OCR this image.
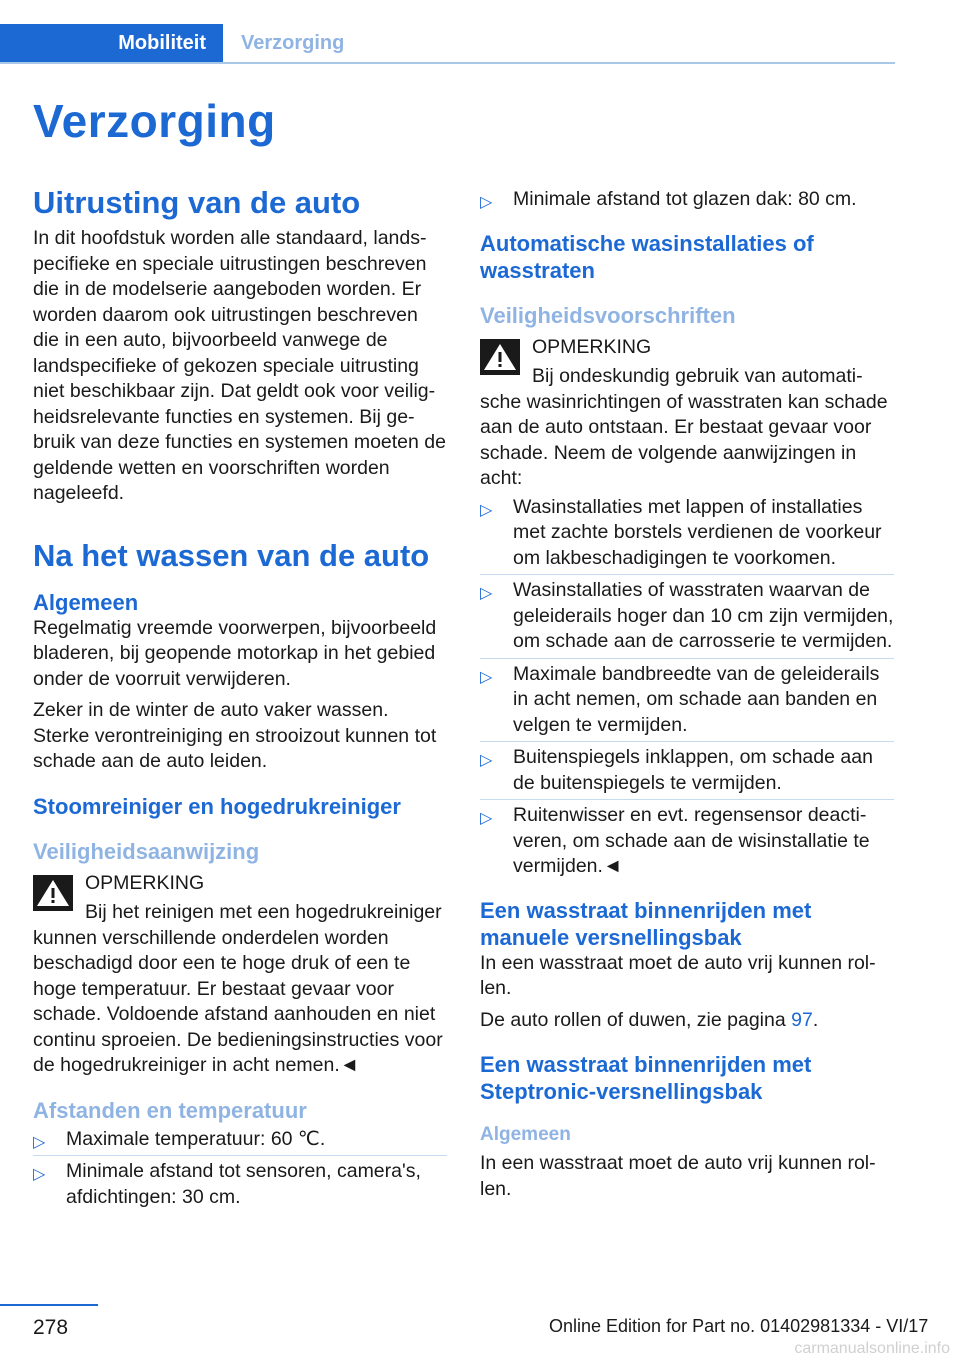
Mobiliteit	Verzorging
Verzorging
Uitrusting van de auto

In dit hoofdstuk worden alle standaard, landspecifieke en speciale uitrustingen beschreven die in de modelserie aangeboden worden. Er worden daarom ook uitrustingen beschreven die in een auto, bijvoorbeeld vanwege de landspecifieke of gekozen speciale uitrusting niet beschikbaar zijn. Dat geldt ook voor veiligheidsrelevante functies en systemen. Bij gebruik van deze functies en systemen moeten de geldende wetten en voorschriften worden nageleefd.

Na het wassen van de auto
Algemeen

Regelmatig vreemde voorwerpen, bijvoorbeeld bladeren, bij geopende motorkap in het gebied onder de voorruit verwijderen.

Zeker in de winter de auto vaker wassen. Sterke verontreiniging en strooizout kunnen tot schade aan de auto leiden.

Stoomreiniger en hogedrukreiniger
Veiligheidsaanwijzing

OPMERKING

Bij het reinigen met een hogedrukreiniger kunnen verschillende onderdelen worden beschadigd door een te hoge druk of een te hoge temperatuur. Er bestaat gevaar voor schade. Voldoende afstand aanhouden en niet continu sproeien. De bedieningsinstructies voor de hogedrukreiniger in acht nemen.◄

Afstanden en temperatuur
▷ Maximale temperatuur: 60 ℃.
▷ Minimale afstand tot sensoren, camera's, afdichtingen: 30 cm.
▷ Minimale afstand tot glazen dak: 80 cm.
Automatische wasinstallaties of wasstraten
Veiligheidsvoorschriften

OPMERKING

Bij ondeskundig gebruik van automatische wasinrichtingen of wasstraten kan schade aan de auto ontstaan. Er bestaat gevaar voor schade. Neem de volgende aanwijzingen in acht:

▷ Wasinstallaties met lappen of installaties met zachte borstels verdienen de voorkeur om lakbeschadigingen te voorkomen.
▷ Wasinstallaties of wasstraten waarvan de geleiderails hoger dan 10 cm zijn vermijden, om schade aan de carrosserie te vermijden.
▷ Maximale bandbreedte van de geleiderails in acht nemen, om schade aan banden en velgen te vermijden.
▷ Buitenspiegels inklappen, om schade aan de buitenspiegels te vermijden.
▷ Ruitenwisser en evt. regensensor deactiveren, om schade aan de wisinstallatie te vermijden.◄
Een wasstraat binnenrijden met manuele versnellingsbak

In een wasstraat moet de auto vrij kunnen rollen.

De auto rollen of duwen, zie pagina 97.

Een wasstraat binnenrijden met Steptronic-versnellingsbak
Algemeen

In een wasstraat moet de auto vrij kunnen rollen.

278	Online Edition for Part no. 01402981334 - VI/17
carmanualsonline.info
